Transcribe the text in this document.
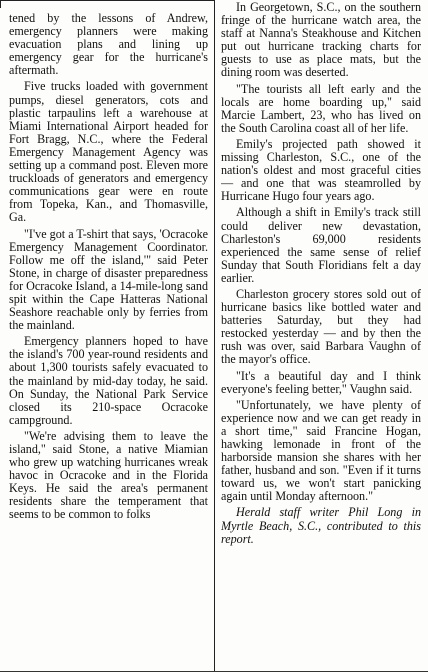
tened by the lessons of Andrew, emergency planners were making evacuation plans and lining up emergency gear for the hurricane's aftermath.

Five trucks loaded with government pumps, diesel generators, cots and plastic tarpaulins left a warehouse at Miami International Airport headed for Fort Bragg, N.C., where the Federal Emergency Management Agency was setting up a command post. Eleven more truckloads of generators and emergency communications gear were en route from Topeka, Kan., and Thomasville, Ga.

"I've got a T-shirt that says, 'Ocracoke Emergency Management Coordinator. Follow me off the island,'" said Peter Stone, in charge of disaster preparedness for Ocracoke Island, a 14-mile-long sand spit within the Cape Hatteras National Seashore reachable only by ferries from the mainland.

Emergency planners hoped to have the island's 700 year-round residents and about 1,300 tourists safely evacuated to the mainland by mid-day today, he said. On Sunday, the National Park Service closed its 210-space Ocracoke campground.

"We're advising them to leave the island," said Stone, a native Miamian who grew up watching hurricanes wreak havoc in Ocracoke and in the Florida Keys. He said the area's permanent residents share the temperament that seems to be common to folks

In Georgetown, S.C., on the southern fringe of the hurricane watch area, the staff at Nanna's Steakhouse and Kitchen put out hurricane tracking charts for guests to use as place mats, but the dining room was deserted.

"The tourists all left early and the locals are home boarding up," said Marcie Lambert, 23, who has lived on the South Carolina coast all of her life.

Emily's projected path showed it missing Charleston, S.C., one of the nation's oldest and most graceful cities — and one that was steamrolled by Hurricane Hugo four years ago.

Although a shift in Emily's track still could deliver new devastation, Charleston's 69,000 residents experienced the same sense of relief Sunday that South Floridians felt a day earlier.

Charleston grocery stores sold out of hurricane basics like bottled water and batteries Saturday, but they had restocked yesterday — and by then the rush was over, said Barbara Vaughn of the mayor's office.

"It's a beautiful day and I think everyone's feeling better," Vaughn said.

"Unfortunately, we have plenty of experience now and we can get ready in a short time," said Francine Hogan, hawking lemonade in front of the harborside mansion she shares with her father, husband and son. "Even if it turns toward us, we won't start panicking again until Monday afternoon."

Herald staff writer Phil Long in Myrtle Beach, S.C., contributed to this report.
